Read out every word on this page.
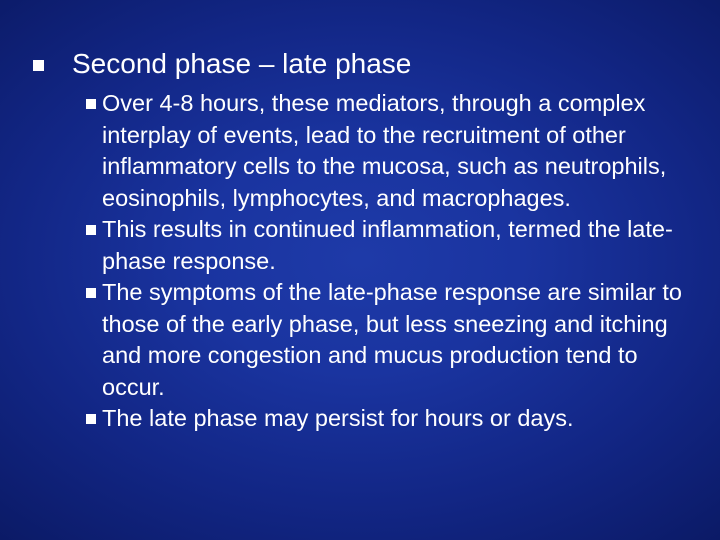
Second phase – late phase
Over 4-8 hours, these mediators, through a complex interplay of events, lead to the recruitment of other inflammatory cells to the mucosa, such as neutrophils, eosinophils, lymphocytes, and macrophages.
This results in continued inflammation, termed the late-phase response.
The symptoms of the late-phase response are similar to those of the early phase, but less sneezing and itching and more congestion and mucus production tend to occur.
The late phase may persist for hours or days.
